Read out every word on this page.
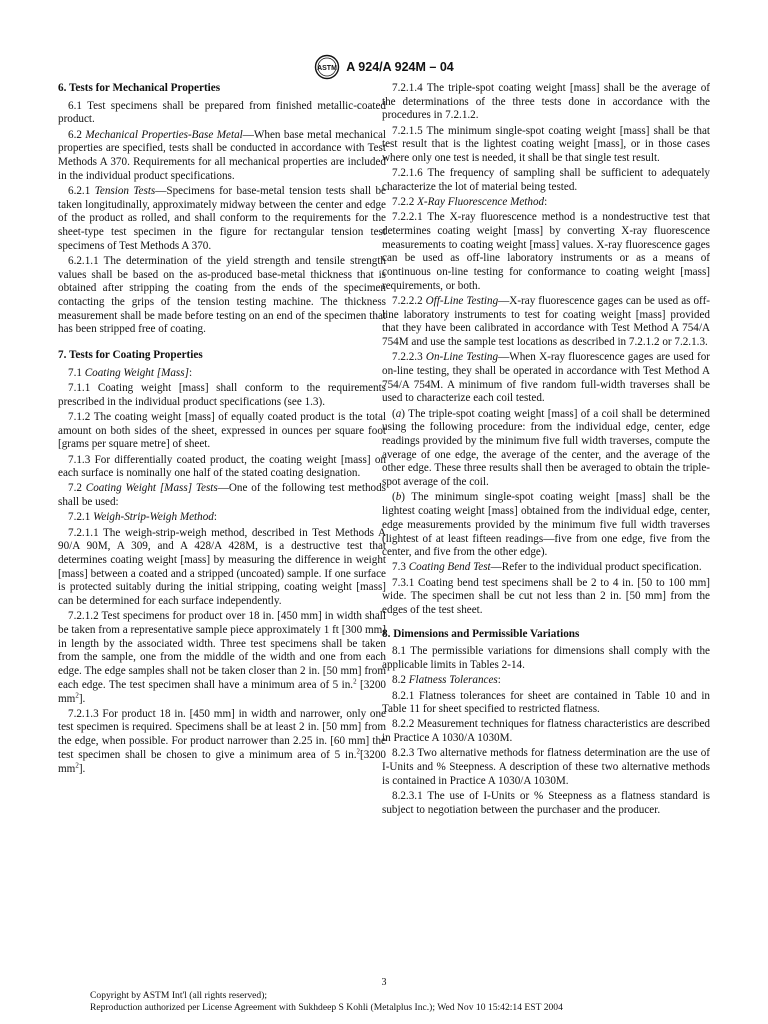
ASTM A 924/A 924M – 04
6. Tests for Mechanical Properties

6.1 Test specimens shall be prepared from finished metallic-coated product.

6.2 Mechanical Properties-Base Metal—When base metal mechanical properties are specified, tests shall be conducted in accordance with Test Methods A 370. Requirements for all mechanical properties are included in the individual product specifications.

6.2.1 Tension Tests—Specimens for base-metal tension tests shall be taken longitudinally, approximately midway between the center and edge of the product as rolled, and shall conform to the requirements for the sheet-type test specimen in the figure for rectangular tension test specimens of Test Methods A 370.

6.2.1.1 The determination of the yield strength and tensile strength values shall be based on the as-produced base-metal thickness that is obtained after stripping the coating from the ends of the specimen contacting the grips of the tension testing machine. The thickness measurement shall be made before testing on an end of the specimen that has been stripped free of coating.

7. Tests for Coating Properties

7.1 Coating Weight [Mass]:

7.1.1 Coating weight [mass] shall conform to the requirements prescribed in the individual product specifications (see 1.3).

7.1.2 The coating weight [mass] of equally coated product is the total amount on both sides of the sheet, expressed in ounces per square foot [grams per square metre] of sheet.

7.1.3 For differentially coated product, the coating weight [mass] on each surface is nominally one half of the stated coating designation.

7.2 Coating Weight [Mass] Tests—One of the following test methods shall be used:

7.2.1 Weigh-Strip-Weigh Method:

7.2.1.1 The weigh-strip-weigh method, described in Test Methods A 90/A 90M, A 309, and A 428/A 428M, is a destructive test that determines coating weight [mass] by measuring the difference in weight [mass] between a coated and a stripped (uncoated) sample. If one surface is protected suitably during the initial stripping, coating weight [mass] can be determined for each surface independently.

7.2.1.2 Test specimens for product over 18 in. [450 mm] in width shall be taken from a representative sample piece approximately 1 ft [300 mm] in length by the associated width. Three test specimens shall be taken from the sample, one from the middle of the width and one from each edge. The edge samples shall not be taken closer than 2 in. [50 mm] from each edge. The test specimen shall have a minimum area of 5 in.$^2$ [3200 $mm^2$].

7.2.1.3 For product 18 in. [450 mm] in width and narrower, only one test specimen is required. Specimens shall be at least 2 in. [50 mm] from the edge, when possible. For product narrower than 2.25 in. [60 mm] the test specimen shall be chosen to give a minimum area of 5 in.$^2$[3200 $mm^2$].

7.2.1.4 The triple-spot coating weight [mass] shall be the average of the determinations of the three tests done in accordance with the procedures in 7.2.1.2.

7.2.1.5 The minimum single-spot coating weight [mass] shall be that test result that is the lightest coating weight [mass], or in those cases where only one test is needed, it shall be that single test result.

7.2.1.6 The frequency of sampling shall be sufficient to adequately characterize the lot of material being tested.

7.2.2 X-Ray Fluorescence Method:

7.2.2.1 The X-ray fluorescence method is a nondestructive test that determines coating weight [mass] by converting X-ray fluorescence measurements to coating weight [mass] values. X-ray fluorescence gages can be used as off-line laboratory instruments or as a means of continuous on-line testing for conformance to coating weight [mass] requirements, or both.

7.2.2.2 Off-Line Testing—X-ray fluorescence gages can be used as off-line laboratory instruments to test for coating weight [mass] provided that they have been calibrated in accordance with Test Method A 754/A 754M and use the sample test locations as described in 7.2.1.2 or 7.2.1.3.

7.2.2.3 On-Line Testing—When X-ray fluorescence gages are used for on-line testing, they shall be operated in accordance with Test Method A 754/A 754M. A minimum of five random full-width traverses shall be used to characterize each coil tested.

(a) The triple-spot coating weight [mass] of a coil shall be determined using the following procedure: from the individual edge, center, edge readings provided by the minimum five full width traverses, compute the average of one edge, the average of the center, and the average of the other edge. These three results shall then be averaged to obtain the triple-spot average of the coil.

(b) The minimum single-spot coating weight [mass] shall be the lightest coating weight [mass] obtained from the individual edge, center, edge measurements provided by the minimum five full width traverses (lightest of at least fifteen readings—five from one edge, five from the center, and five from the other edge).

7.3 Coating Bend Test—Refer to the individual product specification.

7.3.1 Coating bend test specimens shall be 2 to 4 in. [50 to 100 mm] wide. The specimen shall be cut not less than 2 in. [50 mm] from the edges of the test sheet.

8. Dimensions and Permissible Variations

8.1 The permissible variations for dimensions shall comply with the applicable limits in Tables 2-14.

8.2 Flatness Tolerances:

8.2.1 Flatness tolerances for sheet are contained in Table 10 and in Table 11 for sheet specified to restricted flatness.

8.2.2 Measurement techniques for flatness characteristics are described in Practice A 1030/A 1030M.

8.2.3 Two alternative methods for flatness determination are the use of I-Units and % Steepness. A description of these two alternative methods is contained in Practice A 1030/A 1030M.

8.2.3.1 The use of I-Units or % Steepness as a flatness standard is subject to negotiation between the purchaser and the producer.

3
Copyright by ASTM Int'l (all rights reserved);
Reproduction authorized per License Agreement with Sukhdeep S Kohli (Metalplus Inc.); Wed Nov 10 15:42:14 EST 2004
